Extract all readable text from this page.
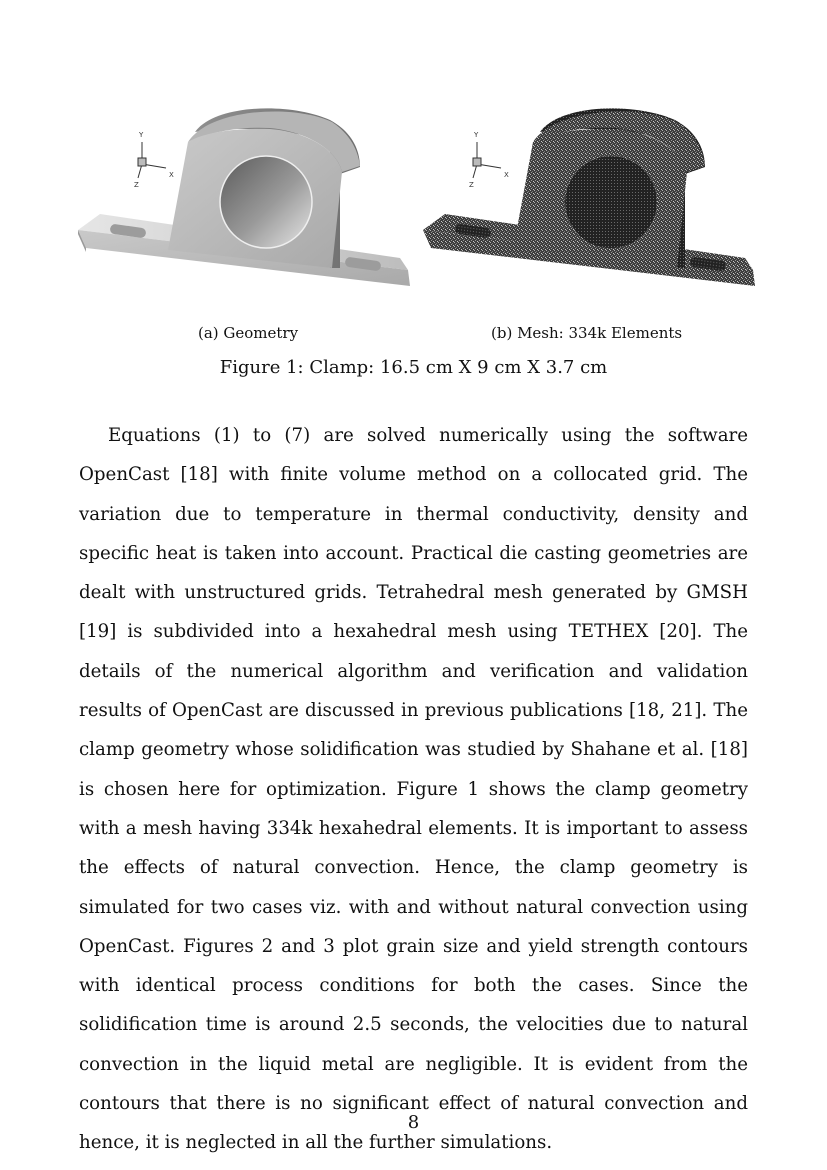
Y
X
Z
Y
X
Z
(a) Geometry	(b) Mesh: 334k Elements
Figure 1: Clamp: 16.5 cm X 9 cm X 3.7 cm

Equations (1) to (7) are solved numerically using the software OpenCast [18] with finite volume method on a collocated grid. The variation due to temperature in thermal conductivity, density and specific heat is taken into account. Practical die casting geometries are dealt with unstructured grids. Tetrahedral mesh generated by GMSH [19] is subdivided into a hexahedral mesh using TETHEX [20]. The details of the numerical algorithm and verification and validation results of OpenCast are discussed in previous publications [18, 21]. The clamp geometry whose solidification was studied by Shahane et al. [18] is chosen here for optimization. Figure 1 shows the clamp geometry with a mesh having 334k hexahedral elements. It is important to assess the effects of natural convection. Hence, the clamp geometry is simulated for two cases viz. with and without natural convection using OpenCast. Figures 2 and 3 plot grain size and yield strength contours with identical process conditions for both the cases. Since the solidification time is around 2.5 seconds, the velocities due to natural convection in the liquid metal are negligible. It is evident from the contours that there is no significant effect of natural convection and hence, it is neglected in all the further simulations.

8
